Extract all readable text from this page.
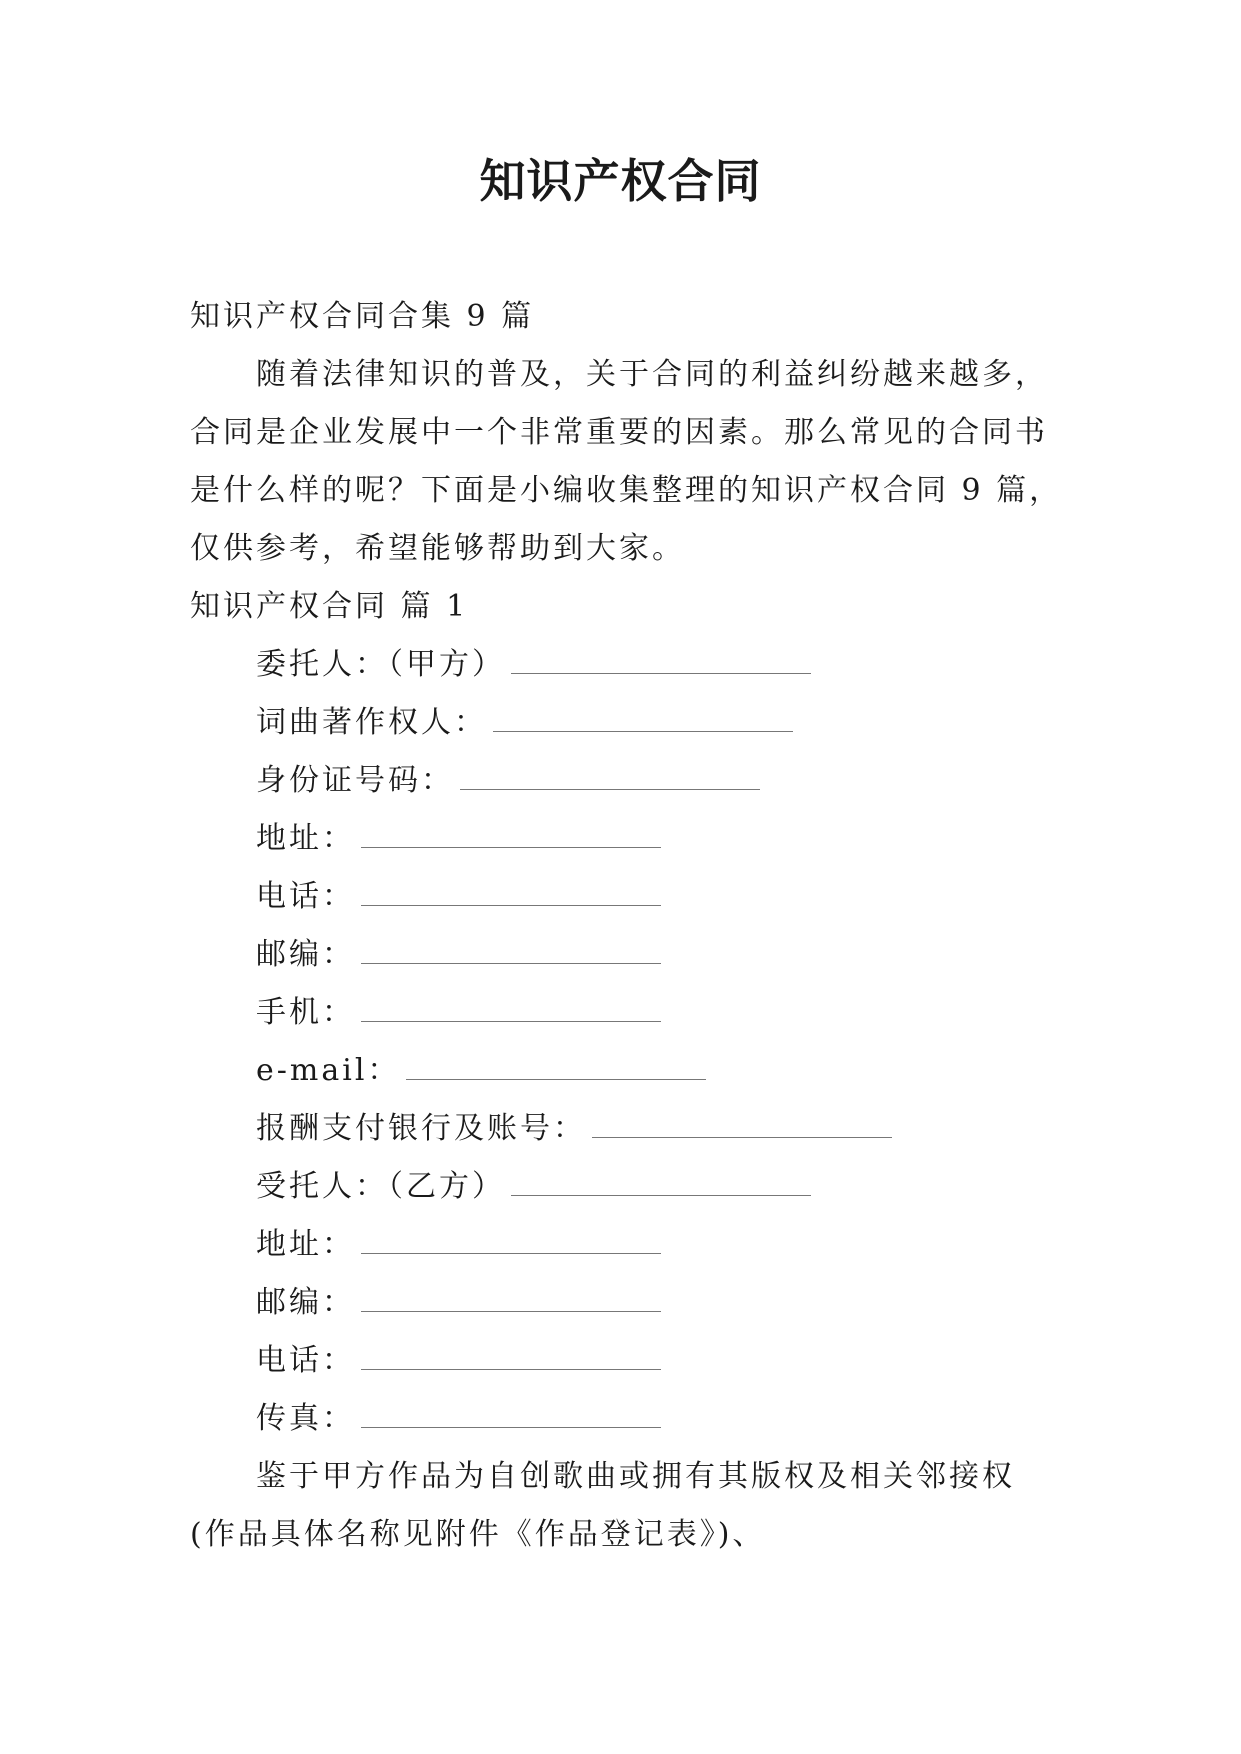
知识产权合同
知识产权合同合集 9 篇
随着法律知识的普及，关于合同的利益纠纷越来越多，
合同是企业发展中一个非常重要的因素。那么常见的合同书
是什么样的呢？下面是小编收集整理的知识产权合同 9 篇，
仅供参考，希望能够帮助到大家。
知识产权合同 篇 1
委托人：（甲方）
词曲著作权人：
身份证号码：
地址：
电话：
邮编：
手机：
e-mail：
报酬支付银行及账号：
受托人：（乙方）
地址：
邮编：
电话：
传真：
鉴于甲方作品为自创歌曲或拥有其版权及相关邻接权
(作品具体名称见附件《作品登记表》)、
